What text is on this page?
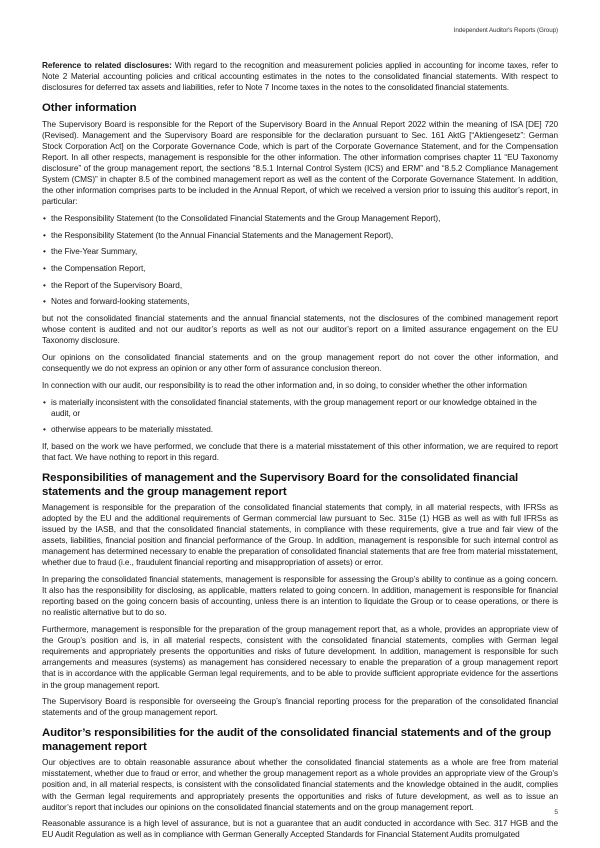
Independent Auditor's Reports (Group)

Reference to related disclosures: With regard to the recognition and measurement policies applied in accounting for income taxes, refer to Note 2 Material accounting policies and critical accounting estimates in the notes to the consolidated financial statements. With respect to disclosures for deferred tax assets and liabilities, refer to Note 7 Income taxes in the notes to the consolidated financial statements.

Other information

The Supervisory Board is responsible for the Report of the Supervisory Board in the Annual Report 2022 within the meaning of ISA [DE] 720 (Revised). Management and the Supervisory Board are responsible for the declaration pursuant to Sec. 161 AktG [“Aktiengesetz”: German Stock Corporation Act] on the Corporate Governance Code, which is part of the Corporate Governance Statement, and for the Compensation Report. In all other respects, management is responsible for the other information. The other information comprises chapter 11 “EU Taxonomy disclosure” of the group management report, the sections “8.5.1 Internal Control System (ICS) and ERM” and “8.5.2 Compliance Management System (CMS)” in chapter 8.5 of the combined management report as well as the content of the Corporate Governance Statement. In addition, the other information comprises parts to be included in the Annual Report, of which we received a version prior to issuing this auditor’s report, in particular:

• the Responsibility Statement (to the Consolidated Financial Statements and the Group Management Report),
• the Responsibility Statement (to the Annual Financial Statements and the Management Report),
• the Five-Year Summary,
• the Compensation Report,
• the Report of the Supervisory Board,
• Notes and forward-looking statements,

but not the consolidated financial statements and the annual financial statements, not the disclosures of the combined management report whose content is audited and not our auditor’s reports as well as not our auditor’s report on a limited assurance engagement on the EU Taxonomy disclosure.

Our opinions on the consolidated financial statements and on the group management report do not cover the other information, and consequently we do not express an opinion or any other form of assurance conclusion thereon.

In connection with our audit, our responsibility is to read the other information and, in so doing, to consider whether the other information

• is materially inconsistent with the consolidated financial statements, with the group management report or our knowledge obtained in the audit, or
• otherwise appears to be materially misstated.

If, based on the work we have performed, we conclude that there is a material misstatement of this other information, we are required to report that fact. We have nothing to report in this regard.

Responsibilities of management and the Supervisory Board for the consolidated financial statements and the group management report

Management is responsible for the preparation of the consolidated financial statements that comply, in all material respects, with IFRSs as adopted by the EU and the additional requirements of German commercial law pursuant to Sec. 315e (1) HGB as well as with full IFRSs as issued by the IASB, and that the consolidated financial statements, in compliance with these requirements, give a true and fair view of the assets, liabilities, financial position and financial performance of the Group. In addition, management is responsible for such internal control as management has determined necessary to enable the preparation of consolidated financial statements that are free from material misstatement, whether due to fraud (i.e., fraudulent financial reporting and misappropriation of assets) or error.

In preparing the consolidated financial statements, management is responsible for assessing the Group’s ability to continue as a going concern. It also has the responsibility for disclosing, as applicable, matters related to going concern. In addition, management is responsible for financial reporting based on the going concern basis of accounting, unless there is an intention to liquidate the Group or to cease operations, or there is no realistic alternative but to do so.

Furthermore, management is responsible for the preparation of the group management report that, as a whole, provides an appropriate view of the Group’s position and is, in all material respects, consistent with the consolidated financial statements, complies with German legal requirements and appropriately presents the opportunities and risks of future development. In addition, management is responsible for such arrangements and measures (systems) as management has considered necessary to enable the preparation of a group management report that is in accordance with the applicable German legal requirements, and to be able to provide sufficient appropriate evidence for the assertions in the group management report.

The Supervisory Board is responsible for overseeing the Group’s financial reporting process for the preparation of the consolidated financial statements and of the group management report.

Auditor’s responsibilities for the audit of the consolidated financial statements and of the group management report

Our objectives are to obtain reasonable assurance about whether the consolidated financial statements as a whole are free from material misstatement, whether due to fraud or error, and whether the group management report as a whole provides an appropriate view of the Group’s position and, in all material respects, is consistent with the consolidated financial statements and the knowledge obtained in the audit, complies with the German legal requirements and appropriately presents the opportunities and risks of future development, as well as to issue an auditor’s report that includes our opinions on the consolidated financial statements and on the group management report.

Reasonable assurance is a high level of assurance, but is not a guarantee that an audit conducted in accordance with Sec. 317 HGB and the EU Audit Regulation as well as in compliance with German Generally Accepted Standards for Financial Statement Audits promulgated

5
